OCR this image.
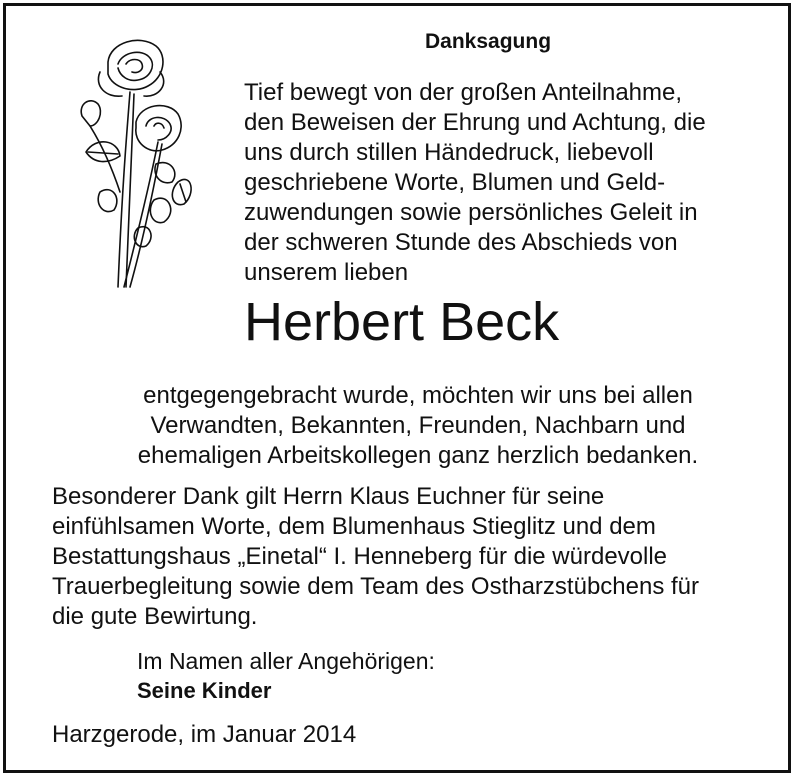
Danksagung
Tief bewegt von der großen Anteilnahme,
den Beweisen der Ehrung und Achtung, die
uns durch stillen Händedruck, liebevoll
geschriebene Worte, Blumen und Geld-
zuwendungen sowie persönliches Geleit in
der schweren Stunde des Abschieds von
unserem lieben
Herbert Beck
entgegengebracht wurde, möchten wir uns bei allen
Verwandten, Bekannten, Freunden, Nachbarn und
ehemaligen Arbeitskollegen ganz herzlich bedanken.
Besonderer Dank gilt Herrn Klaus Euchner für seine
einfühlsamen Worte, dem Blumenhaus Stieglitz und dem
Bestattungshaus „Einetal“ I. Henneberg für die würdevolle
Trauerbegleitung sowie dem Team des Ostharzstübchens für
die gute Bewirtung.
Im Namen aller Angehörigen:
Seine Kinder
Harzgerode, im Januar 2014
